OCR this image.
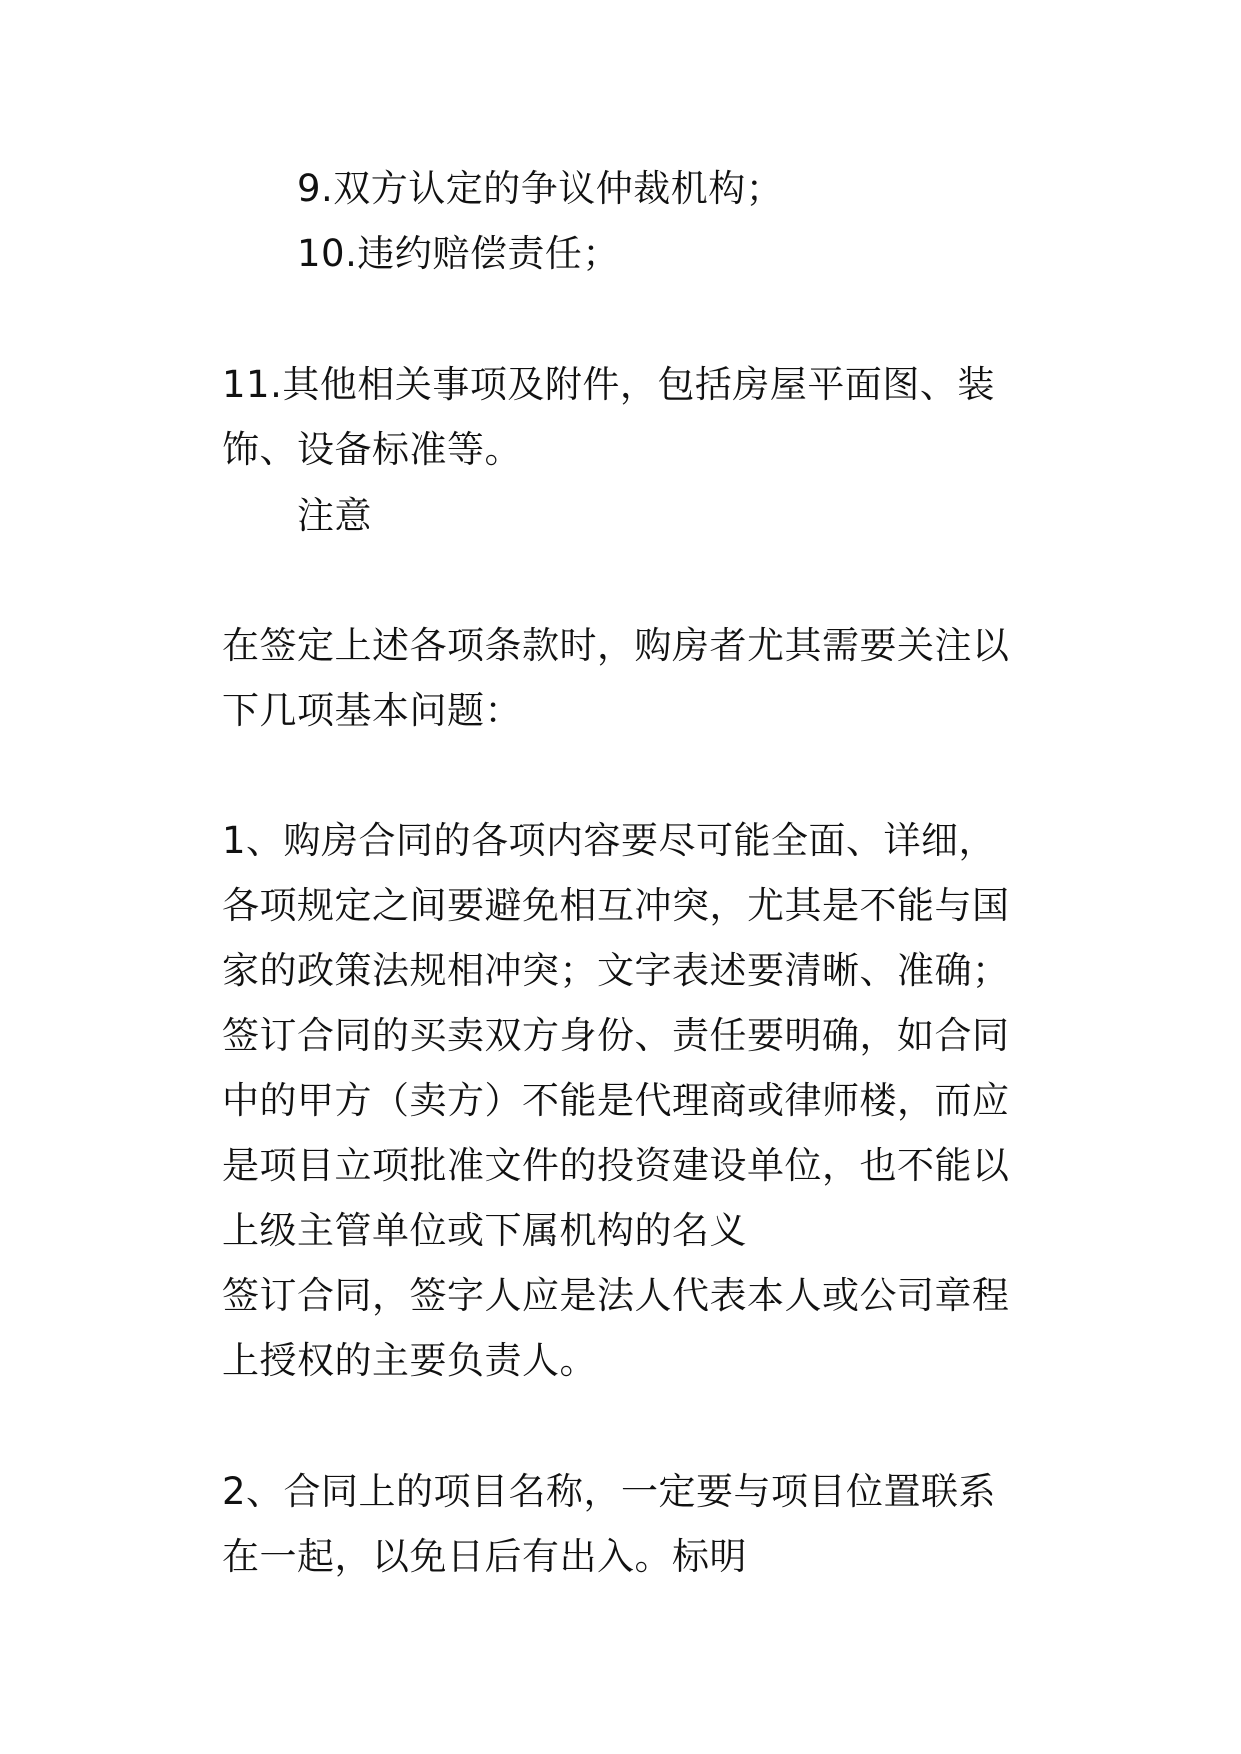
9.双方认定的争议仲裁机构；
10.违约赔偿责任；
11.其他相关事项及附件，包括房屋平面图、装
饰、设备标准等。
注意
在签定上述各项条款时，购房者尤其需要关注以
下几项基本问题：
1、购房合同的各项内容要尽可能全面、详细，
各项规定之间要避免相互冲突，尤其是不能与国
家的政策法规相冲突；文字表述要清晰、准确；
签订合同的买卖双方身份、责任要明确，如合同
中的甲方（卖方）不能是代理商或律师楼，而应
是项目立项批准文件的投资建设单位，也不能以
上级主管单位或下属机构的名义
签订合同，签字人应是法人代表本人或公司章程
上授权的主要负责人。
2、合同上的项目名称，一定要与项目位置联系
在一起，以免日后有出入。标明
